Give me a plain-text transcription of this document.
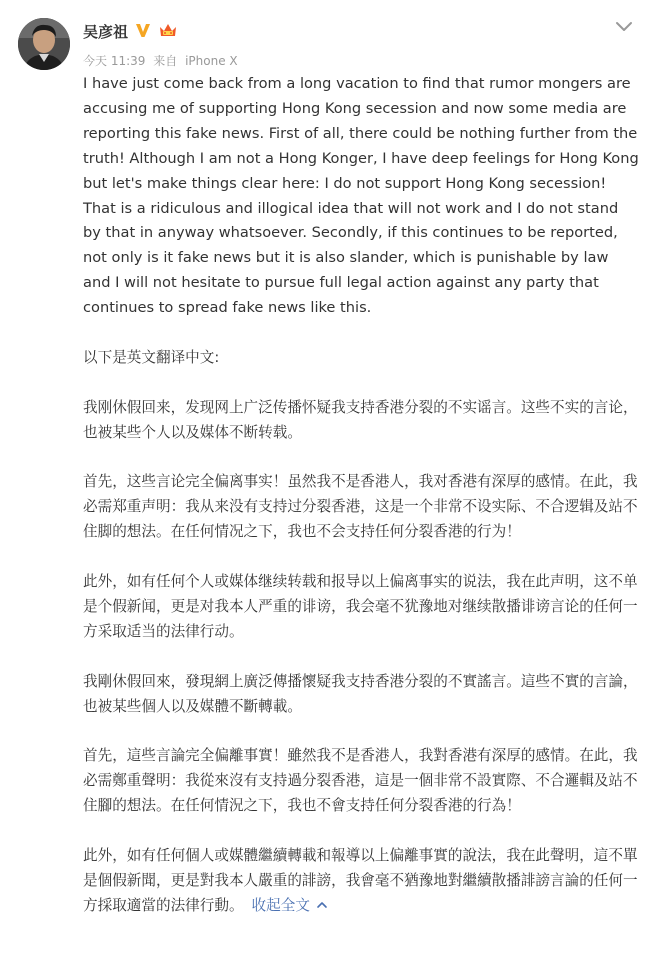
吴彦祖
今天 11:39 来自 iPhone X

I have just come back from a long vacation to find that rumor mongers are accusing me of supporting Hong Kong secession and now some media are reporting this fake news. First of all, there could be nothing further from the truth! Although I am not a Hong Konger, I have deep feelings for Hong Kong but let's make things clear here: I do not support Hong Kong secession! That is a ridiculous and illogical idea that will not work and I do not stand by that in anyway whatsoever. Secondly, if this continues to be reported, not only is it fake news but it is also slander, which is punishable by law and I will not hesitate to pursue full legal action against any party that continues to spread fake news like this.

以下是英文翻译中文:

我刚休假回来，发现网上广泛传播怀疑我支持香港分裂的不实谣言。这些不实的言论，也被某些个人以及媒体不断转载。

首先，这些言论完全偏离事实！虽然我不是香港人，我对香港有深厚的感情。在此，我必需郑重声明：我从来没有支持过分裂香港，这是一个非常不设实际、不合逻辑及站不住脚的想法。在任何情况之下，我也不会支持任何分裂香港的行为！

此外，如有任何个人或媒体继续转载和报导以上偏离事实的说法，我在此声明，这不单是个假新闻，更是对我本人严重的诽谤，我会毫不犹豫地对继续散播诽谤言论的任何一方采取适当的法律行动。

我剛休假回來，發現網上廣泛傳播懷疑我支持香港分裂的不實謠言。這些不實的言論，也被某些個人以及媒體不斷轉載。

首先，這些言論完全偏離事實！雖然我不是香港人，我對香港有深厚的感情。在此，我必需鄭重聲明：我從來沒有支持過分裂香港，這是一個非常不設實際、不合邏輯及站不住腳的想法。在任何情況之下，我也不會支持任何分裂香港的行為！

此外，如有任何個人或媒體繼續轉載和報導以上偏離事實的說法，我在此聲明，這不單是個假新聞，更是對我本人嚴重的誹謗，我會毫不猶豫地對繼續散播誹謗言論的任何一方採取適當的法律行動。 收起全文
